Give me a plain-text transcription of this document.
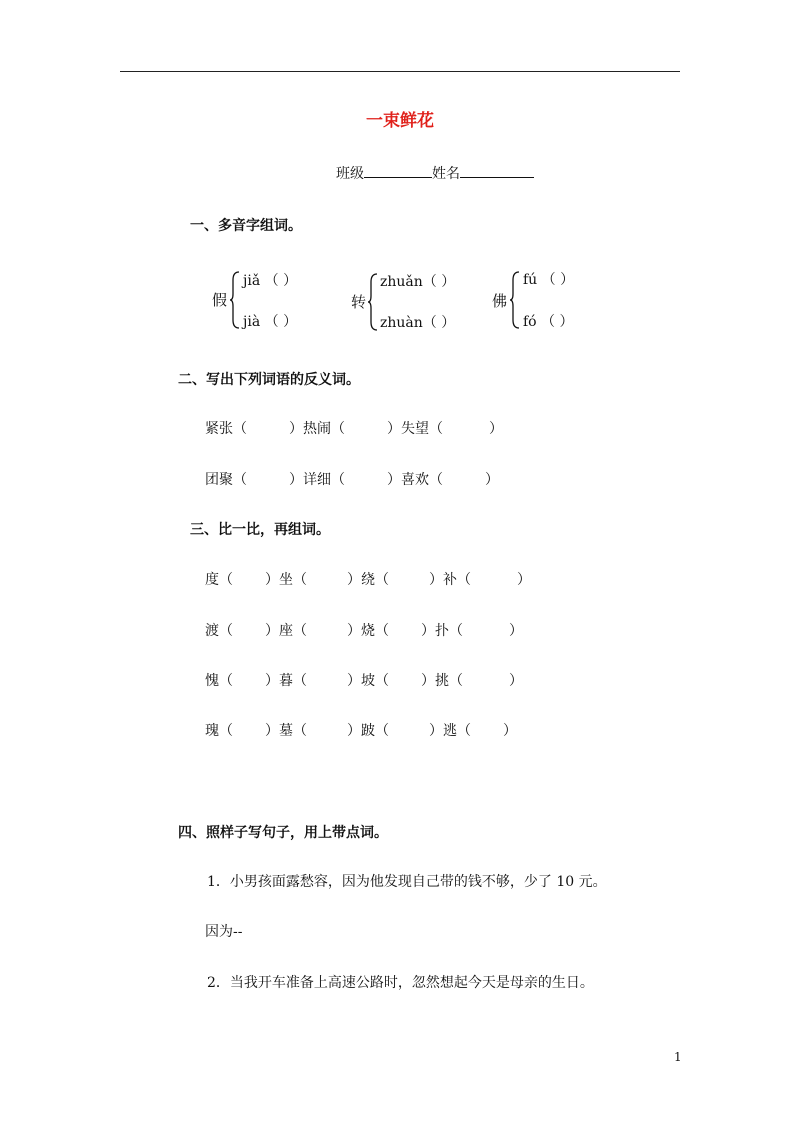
一束鲜花
班级	姓名
一、多音字组词。
假
jiǎ （ ）
jià （ ）
转
zhuǎn（ ）
zhuàn（ ）
佛
fú （ ）
fó （ ）
二、写出下列词语的反义词。
紧张（	）热闹（	）失望（	）
团聚（	）详细（	）喜欢（	）
三、比一比，再组词。
度（ ）坐（	）绕（	）补（	）
渡（ ）座（	）烧（ ）扑（	）
愧（ ）暮（	）坡（ ）挑（	）
瑰（ ）墓（	）跛（	）逃（ ）
四、照样子写句子，用上带点词。
1．小男孩面露愁容，因为他发现自己带的钱不够，少了 10 元。
因为--
2．当我开车准备上高速公路时，忽然想起今天是母亲的生日。
1
